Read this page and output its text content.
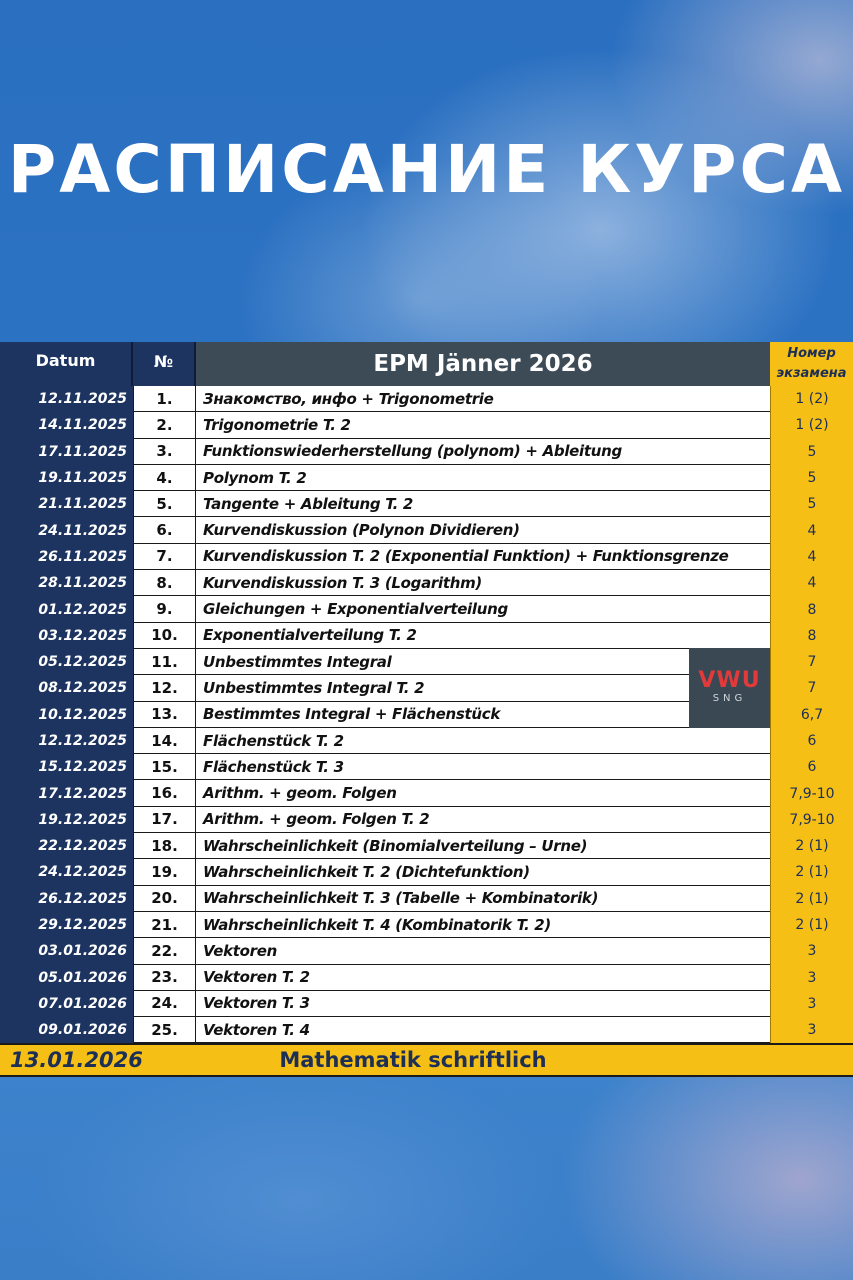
РАСПИСАНИЕ КУРСА
Datum	№	EPM Jänner 2026	Номер экзамена
12.11.2025	1.	Знакомство, инфо + Trigonometrie	1 (2)
14.11.2025	2.	Trigonometrie T. 2	1 (2)
17.11.2025	3.	Funktionswiederherstellung (polynom) + Ableitung	5
19.11.2025	4.	Polynom T. 2	5
21.11.2025	5.	Tangente + Ableitung T. 2	5
24.11.2025	6.	Kurvendiskussion (Polynon Dividieren)	4
26.11.2025	7.	Kurvendiskussion T. 2 (Exponential Funktion) + Funktionsgrenze	4
28.11.2025	8.	Kurvendiskussion T. 3 (Logarithm)	4
01.12.2025	9.	Gleichungen + Exponentialverteilung	8
03.12.2025	10.	Exponentialverteilung T. 2	8
05.12.2025	11.	Unbestimmtes Integral	7
08.12.2025	12.	Unbestimmtes Integral T. 2	7
10.12.2025	13.	Bestimmtes Integral + Flächenstück	6,7
12.12.2025	14.	Flächenstück T. 2	6
15.12.2025	15.	Flächenstück T. 3	6
17.12.2025	16.	Arithm. + geom. Folgen	7,9-10
19.12.2025	17.	Arithm. + geom. Folgen T. 2	7,9-10
22.12.2025	18.	Wahrscheinlichkeit (Binomialverteilung – Urne)	2 (1)
24.12.2025	19.	Wahrscheinlichkeit T. 2 (Dichtefunktion)	2 (1)
26.12.2025	20.	Wahrscheinlichkeit T. 3 (Tabelle + Kombinatorik)	2 (1)
29.12.2025	21.	Wahrscheinlichkeit T. 4 (Kombinatorik T. 2)	2 (1)
03.01.2026	22.	Vektoren	3
05.01.2026	23.	Vektoren T. 2	3
07.01.2026	24.	Vektoren T. 3	3
09.01.2026	25.	Vektoren T. 4	3
13.01.2026	Mathematik schriftlich
VWU
SNG
